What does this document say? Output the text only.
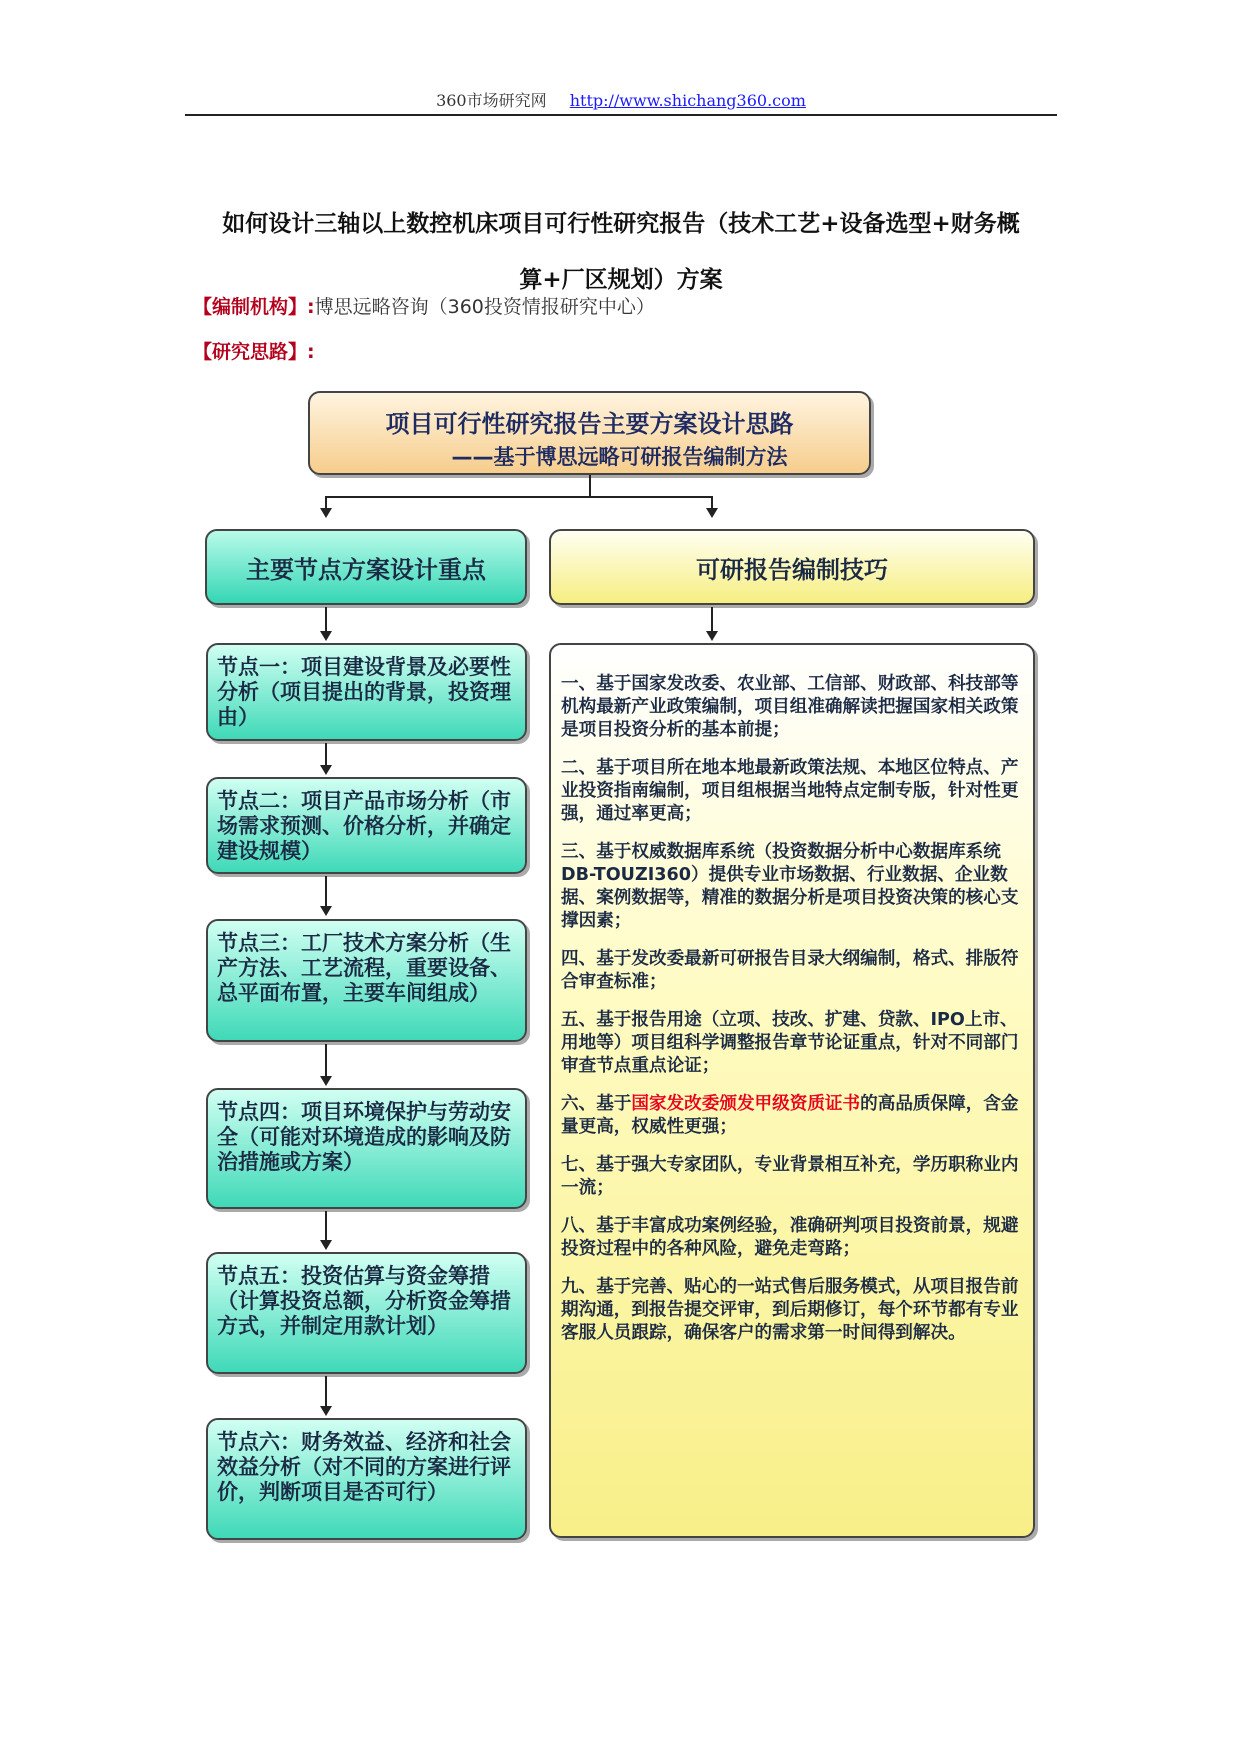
360市场研究网 http://www.shichang360.com
如何设计三轴以上数控机床项目可行性研究报告（技术工艺+设备选型+财务概
算+厂区规划）方案
【编制机构】:博思远略咨询（360投资情报研究中心）
【研究思路】:
项目可行性研究报告主要方案设计思路
——基于博思远略可研报告编制方法
主要节点方案设计重点	可研报告编制技巧
节点一：项目建设背景及必要性分析（项目提出的背景，投资理由）
节点二：项目产品市场分析（市场需求预测、价格分析，并确定建设规模）
节点三：工厂技术方案分析（生产方法、工艺流程，重要设备、总平面布置，主要车间组成）
节点四：项目环境保护与劳动安全（可能对环境造成的影响及防治措施或方案）
节点五：投资估算与资金筹措（计算投资总额，分析资金筹措方式，并制定用款计划）
节点六：财务效益、经济和社会效益分析（对不同的方案进行评价，判断项目是否可行）
一、基于国家发改委、农业部、工信部、财政部、科技部等机构最新产业政策编制，项目组准确解读把握国家相关政策是项目投资分析的基本前提；
二、基于项目所在地本地最新政策法规、本地区位特点、产业投资指南编制，项目组根据当地特点定制专版，针对性更强，通过率更高；
三、基于权威数据库系统（投资数据分析中心数据库系统DB-TOUZI360）提供专业市场数据、行业数据、企业数据、案例数据等，精准的数据分析是项目投资决策的核心支撑因素；
四、基于发改委最新可研报告目录大纲编制，格式、排版符合审查标准；
五、基于报告用途（立项、技改、扩建、贷款、IPO上市、用地等）项目组科学调整报告章节论证重点，针对不同部门审查节点重点论证；
六、基于国家发改委颁发甲级资质证书的高品质保障，含金量更高，权威性更强；
七、基于强大专家团队，专业背景相互补充，学历职称业内一流；
八、基于丰富成功案例经验，准确研判项目投资前景，规避投资过程中的各种风险，避免走弯路；
九、基于完善、贴心的一站式售后服务模式，从项目报告前期沟通，到报告提交评审，到后期修订，每个环节都有专业客服人员跟踪，确保客户的需求第一时间得到解决。
